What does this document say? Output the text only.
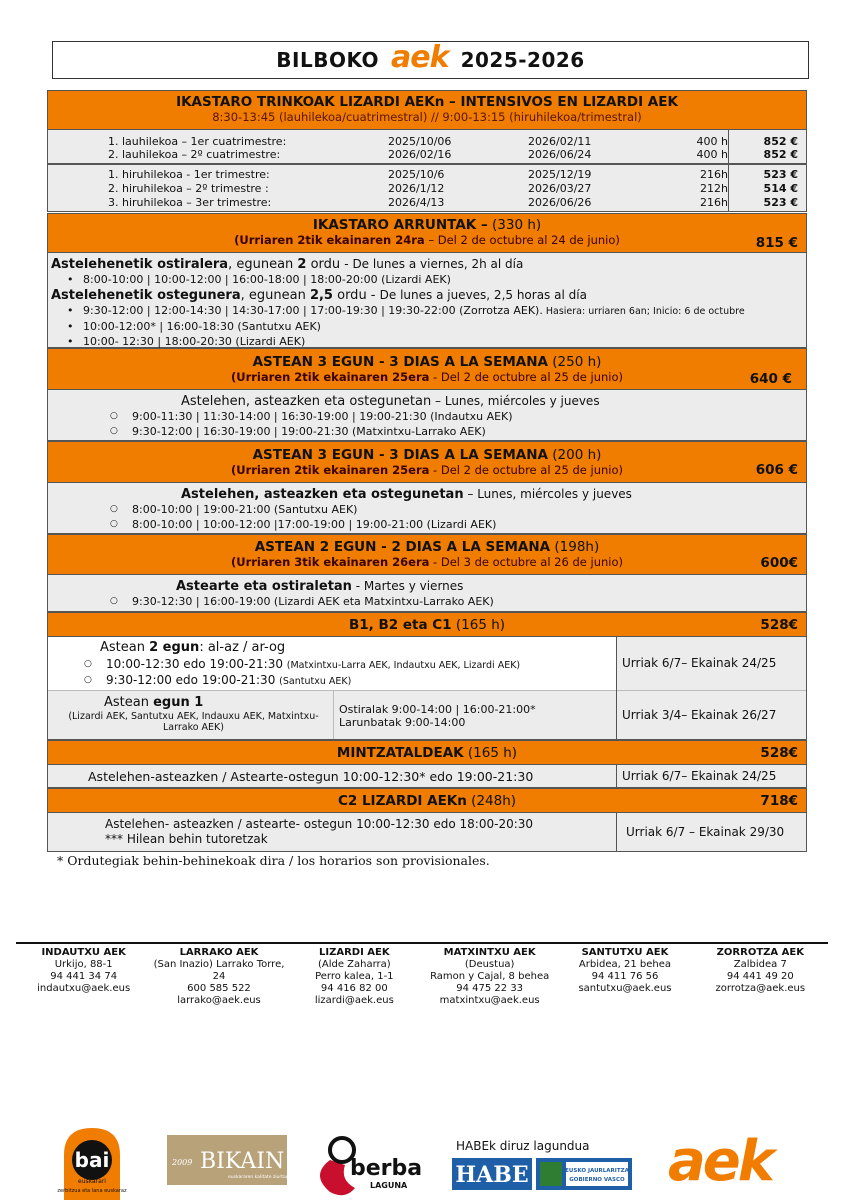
BILBOKO aek 2025-2026
IKASTARO TRINKOAK LIZARDI AEKn – INTENSIVOS EN LIZARDI AEK
8:30-13:45 (lauhilekoa/cuatrimestral) // 9:00-13:15 (hiruhilekoa/trimestral)
1. lauhilekoa – 1er cuatrimestre:	2025/10/06	2026/02/11	400 h	852 €
2. lauhilekoa – 2º cuatrimestre:	2026/02/16	2026/06/24	400 h	852 €
1. hiruhilekoa - 1er trimestre:	2025/10/6	2025/12/19	216h	523 €
2. hiruhilekoa – 2º trimestre :	2026/1/12	2026/03/27	212h	514 €
3. hiruhilekoa – 3er trimestre:	2026/4/13	2026/06/26	216h	523 €
IKASTARO ARRUNTAK – (330 h)
(Urriaren 2tik ekainaren 24ra – Del 2 de octubre al 24 de junio)	815 €
Astelehenetik ostiralera, egunean 2 ordu - De lunes a viernes, 2h al día
• 8:00-10:00 | 10:00-12:00 | 16:00-18:00 | 18:00-20:00 (Lizardi AEK)
Astelehenetik ostegunera, egunean 2,5 ordu - De lunes a jueves, 2,5 horas al día
• 9:30-12:00 | 12:00-14:30 | 14:30-17:00 | 17:00-19:30 | 19:30-22:00 (Zorrotza AEK). Hasiera: urriaren 6an; Inicio: 6 de octubre
• 10:00-12:00* | 16:00-18:30 (Santutxu AEK)
• 10:00- 12:30 | 18:00-20:30 (Lizardi AEK)
ASTEAN 3 EGUN - 3 DIAS A LA SEMANA (250 h)
(Urriaren 2tik ekainaren 25era - Del 2 de octubre al 25 de junio)	640 €
Astelehen, asteazken eta ostegunetan – Lunes, miércoles y jueves
○ 9:00-11:30 | 11:30-14:00 | 16:30-19:00 | 19:00-21:30 (Indautxu AEK)
○ 9:30-12:00 | 16:30-19:00 | 19:00-21:30 (Matxintxu-Larrako AEK)
ASTEAN 3 EGUN - 3 DIAS A LA SEMANA (200 h)
(Urriaren 2tik ekainaren 25era - Del 2 de octubre al 25 de junio)	606 €
Astelehen, asteazken eta ostegunetan – Lunes, miércoles y jueves
○ 8:00-10:00 | 19:00-21:00 (Santutxu AEK)
○ 8:00-10:00 | 10:00-12:00 |17:00-19:00 | 19:00-21:00 (Lizardi AEK)
ASTEAN 2 EGUN - 2 DIAS A LA SEMANA (198h)
(Urriaren 3tik ekainaren 26era - Del 3 de octubre al 26 de junio)	600€
Astearte eta ostiraletan - Martes y viernes
○ 9:30-12:30 | 16:00-19:00 (Lizardi AEK eta Matxintxu-Larrako AEK)
B1, B2 eta C1 (165 h)	528€
Astean 2 egun: al-az / ar-og
○ 10:00-12:30 edo 19:00-21:30 (Matxintxu-Larra AEK, Indautxu AEK, Lizardi AEK)
○ 9:30-12:00 edo 19:00-21:30 (Santutxu AEK)
Urriak 6/7– Ekainak 24/25
Astean egun 1
(Lizardi AEK, Santutxu AEK, Indauxu AEK, Matxintxu-Larrako AEK)
Ostiralak 9:00-14:00 | 16:00-21:00*
Larunbatak 9:00-14:00
Urriak 3/4– Ekainak 26/27
MINTZATALDEAK (165 h)	528€
Astelehen-asteazken / Astearte-ostegun 10:00-12:30* edo 19:00-21:30	Urriak 6/7– Ekainak 24/25
C2 LIZARDI AEKn (248h)	718€
Astelehen- asteazken / astearte- ostegun 10:00-12:30 edo 18:00-20:30
*** Hilean behin tutoretzak	Urriak 6/7 – Ekainak 29/30
* Ordutegiak behin-behinekoak dira / los horarios son provisionales.
INDAUTXU AEK
Urkijo, 88-1
94 441 34 74
indautxu@aek.eus
LARRAKO AEK
(San Inazio) Larrako Torre, 24
600 585 522
larrako@aek.eus
LIZARDI AEK
(Alde Zaharra)
Perro kalea, 1-1
94 416 82 00
lizardi@aek.eus
MATXINTXU AEK
(Deustua)
Ramon y Cajal, 8 behea
94 475 22 33
matxintxu@aek.eus
SANTUTXU AEK
Arbidea, 21 behea
94 411 76 56
santutxu@aek.eus
ZORROTZA AEK
Zalbidea 7
94 441 49 20
zorrotza@aek.eus
bai
euskarari
zerbitzua eta lana euskaraz
2009 BIKAIN
euskararen kalitate ziurtagiria berba
LAGUNA
HABEk diruz lagundua
HABE	EUSKO JAURLARITZA
GOBIERNO VASCO aek
